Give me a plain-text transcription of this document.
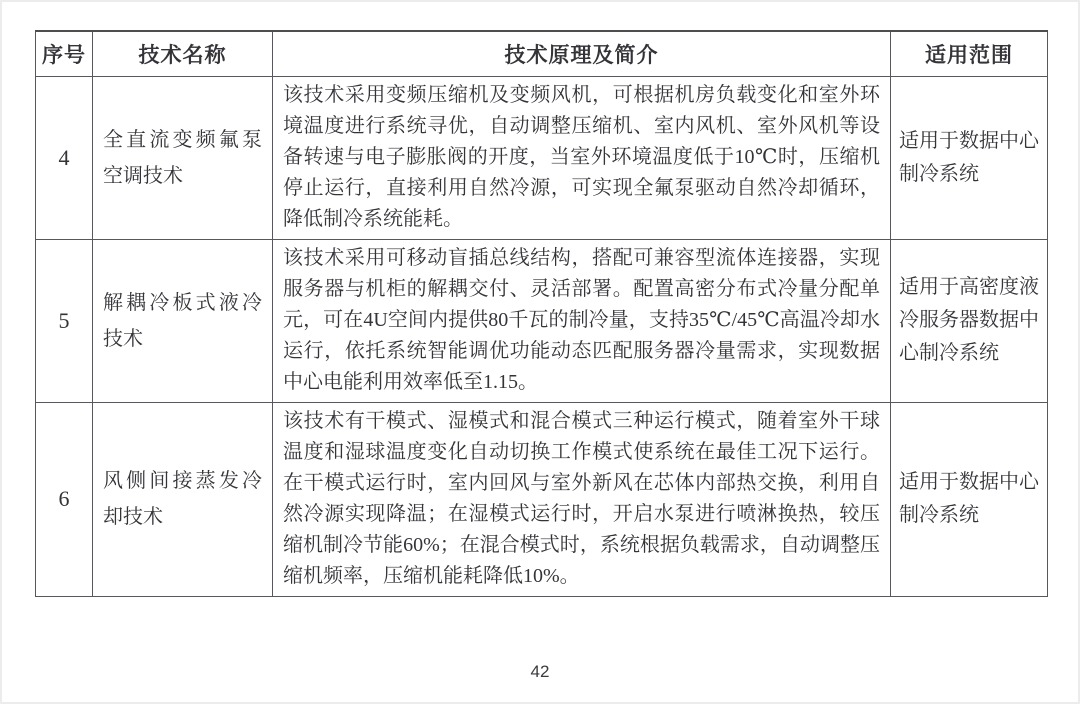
序号	技术名称	技术原理及简介	适用范围
4	全直流变频氟泵空调技术	该技术采用变频压缩机及变频风机，可根据机房负载变化和室外环境温度进行系统寻优，自动调整压缩机、室内风机、室外风机等设备转速与电子膨胀阀的开度，当室外环境温度低于10℃时，压缩机停止运行，直接利用自然冷源，可实现全氟泵驱动自然冷却循环，降低制冷系统能耗。	适用于数据中心制冷系统
5	解耦冷板式液冷技术	该技术采用可移动盲插总线结构，搭配可兼容型流体连接器，实现服务器与机柜的解耦交付、灵活部署。配置高密分布式冷量分配单元，可在4U空间内提供80千瓦的制冷量，支持35℃/45℃高温冷却水运行，依托系统智能调优功能动态匹配服务器冷量需求，实现数据中心电能利用效率低至1.15。	适用于高密度液冷服务器数据中心制冷系统
6	风侧间接蒸发冷却技术	该技术有干模式、湿模式和混合模式三种运行模式，随着室外干球温度和湿球温度变化自动切换工作模式使系统在最佳工况下运行。在干模式运行时，室内回风与室外新风在芯体内部热交换，利用自然冷源实现降温；在湿模式运行时，开启水泵进行喷淋换热，较压缩机制冷节能60%；在混合模式时，系统根据负载需求，自动调整压缩机频率，压缩机能耗降低10%。	适用于数据中心制冷系统
42
